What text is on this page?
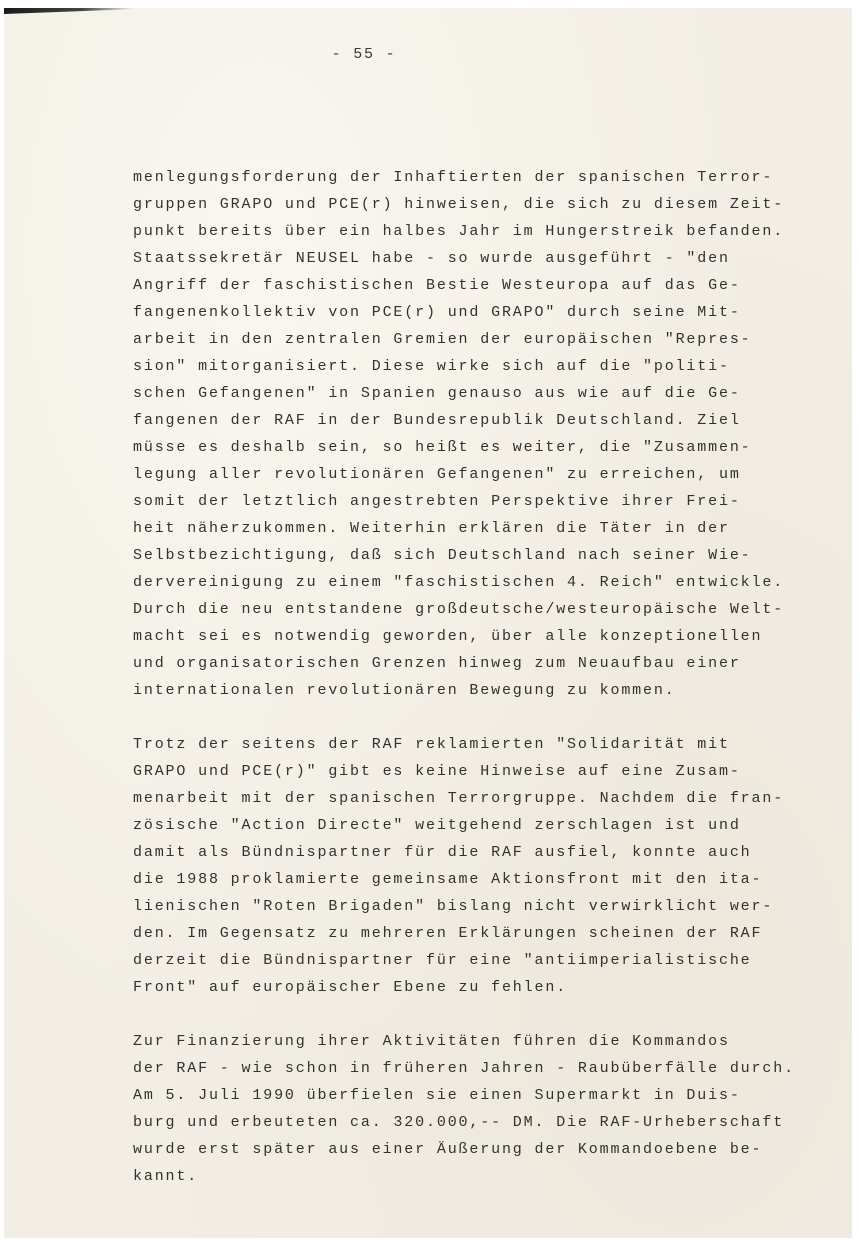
- 55 -
menlegungsforderung der Inhaftierten der spanischen Terror-
gruppen GRAPO und PCE(r) hinweisen, die sich zu diesem Zeit-
punkt bereits über ein halbes Jahr im Hungerstreik befanden.
Staatssekretär NEUSEL habe - so wurde ausgeführt - "den
Angriff der faschistischen Bestie Westeuropa auf das Ge-
fangenenkollektiv von PCE(r) und GRAPO" durch seine Mit-
arbeit in den zentralen Gremien der europäischen "Repres-
sion" mitorganisiert. Diese wirke sich auf die "politi-
schen Gefangenen" in Spanien genauso aus wie auf die Ge-
fangenen der RAF in der Bundesrepublik Deutschland. Ziel
müsse es deshalb sein, so heißt es weiter, die "Zusammen-
legung aller revolutionären Gefangenen" zu erreichen, um
somit der letztlich angestrebten Perspektive ihrer Frei-
heit näherzukommen. Weiterhin erklären die Täter in der
Selbstbezichtigung, daß sich Deutschland nach seiner Wie-
dervereinigung zu einem "faschistischen 4. Reich" entwickle.
Durch die neu entstandene großdeutsche/westeuropäische Welt-
macht sei es notwendig geworden, über alle konzeptionellen
und organisatorischen Grenzen hinweg zum Neuaufbau einer
internationalen revolutionären Bewegung zu kommen.
Trotz der seitens der RAF reklamierten "Solidarität mit
GRAPO und PCE(r)" gibt es keine Hinweise auf eine Zusam-
menarbeit mit der spanischen Terrorgruppe. Nachdem die fran-
zösische "Action Directe" weitgehend zerschlagen ist und
damit als Bündnispartner für die RAF ausfiel, konnte auch
die 1988 proklamierte gemeinsame Aktionsfront mit den ita-
lienischen "Roten Brigaden" bislang nicht verwirklicht wer-
den. Im Gegensatz zu mehreren Erklärungen scheinen der RAF
derzeit die Bündnispartner für eine "antiimperialistische
Front" auf europäischer Ebene zu fehlen.
Zur Finanzierung ihrer Aktivitäten führen die Kommandos
der RAF - wie schon in früheren Jahren - Raubüberfälle durch.
Am 5. Juli 1990 überfielen sie einen Supermarkt in Duis-
burg und erbeuteten ca. 320.000,-- DM. Die RAF-Urheberschaft
wurde erst später aus einer Äußerung der Kommandoebene be-
kannt.
